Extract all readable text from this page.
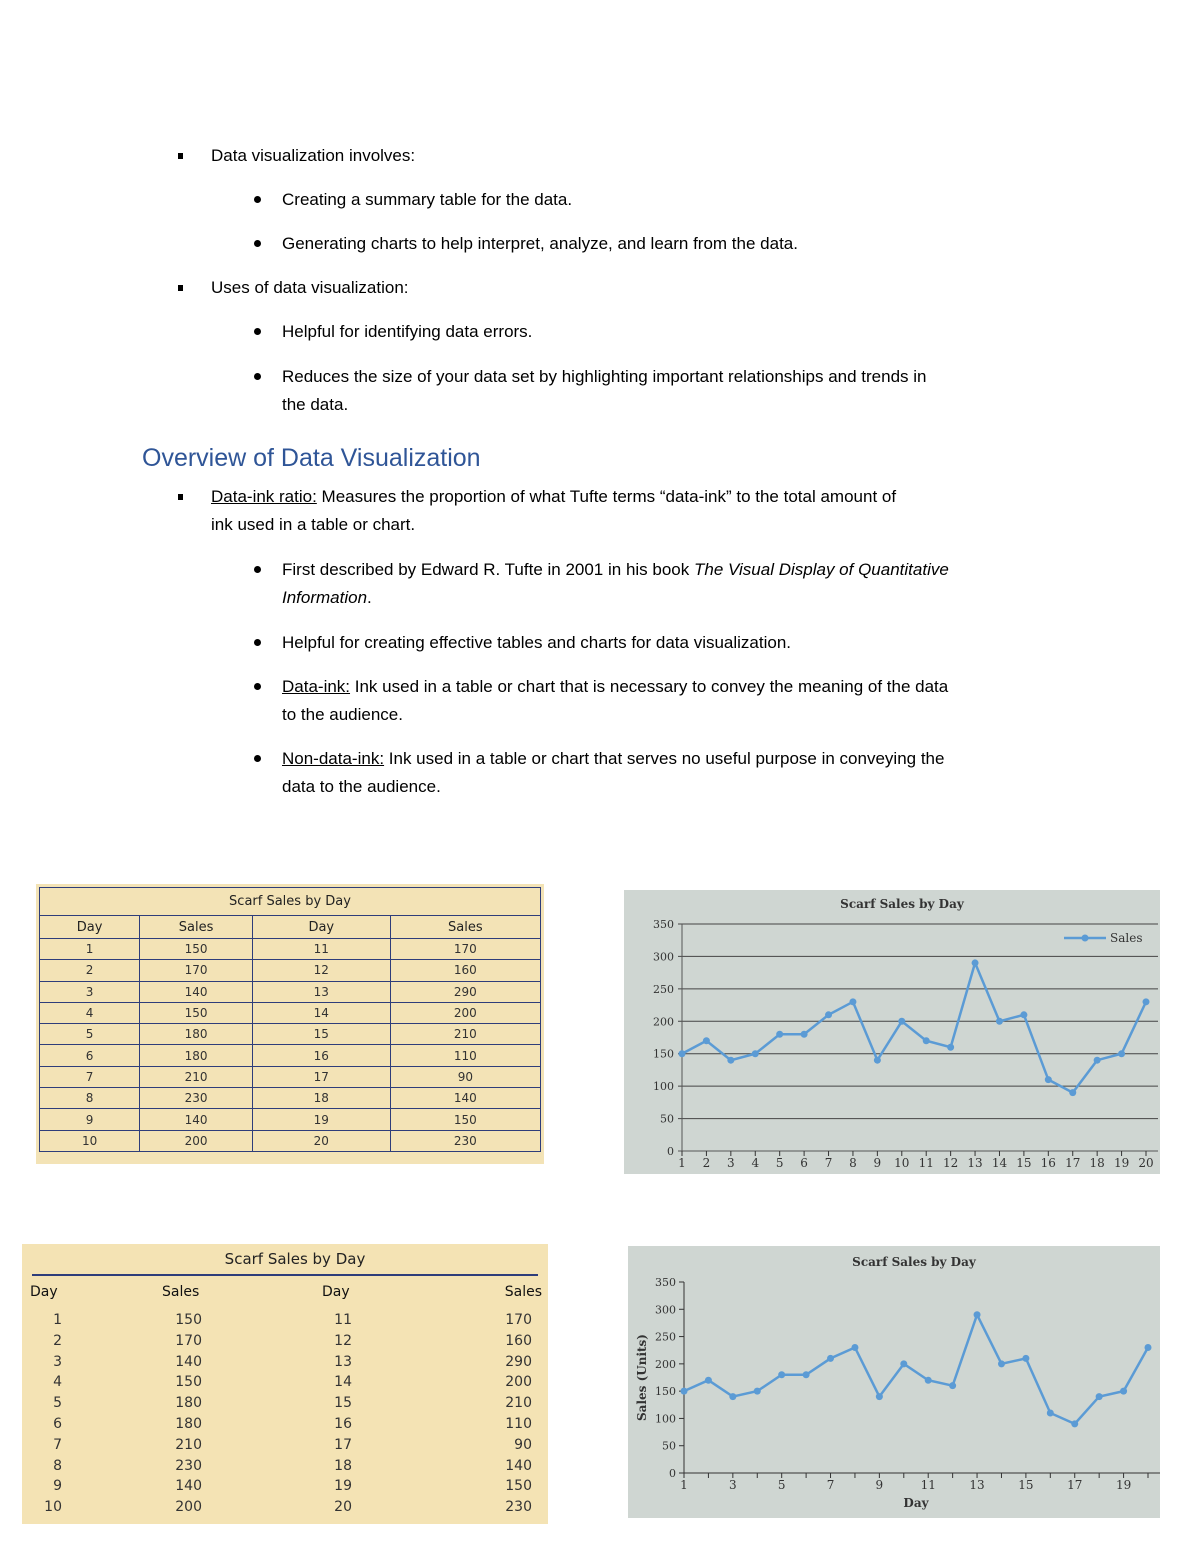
Data visualization involves:
Creating a summary table for the data.
Generating charts to help interpret, analyze, and learn from the data.
Uses of data visualization:
Helpful for identifying data errors.
Reduces the size of your data set by highlighting important relationships and trends in
the data.
Overview of Data Visualization
Data-ink ratio: Measures the proportion of what Tufte terms “data-ink” to the total amount of
ink used in a table or chart.
First described by Edward R. Tufte in 2001 in his book The Visual Display of Quantitative
Information.
Helpful for creating effective tables and charts for data visualization.
Data-ink: Ink used in a table or chart that is necessary to convey the meaning of the data
to the audience.
Non-data-ink: Ink used in a table or chart that serves no useful purpose in conveying the
data to the audience.
Scarf Sales by Day			
Day	Sales	Day	Sales
1	150	11	170
2	170	12	160
3	140	13	290
4	150	14	200
5	180	15	210
6	180	16	110
7	210	17	90
8	230	18	140
9	140	19	150
10	200	20	230
Scarf Sales by Day
0
50
100
150
200
250
300
350
1 2 3 4 5 6 7 8 9 10 11 12 13 14 15 16 17 18 19 20
Sales
Scarf Sales by Day
Day	Sales	Day	Sales
1	150	11	170
2	170	12	160
3	140	13	290
4	150	14	200
5	180	15	210
6	180	16	110
7	210	17	90
8	230	18	140
9	140	19	150
10	200	20	230
Scarf Sales by Day
0
50
100
150
200
250
300
350
1	3	5	7	9	11	13	15	17	19
Day
Sales (Units)
